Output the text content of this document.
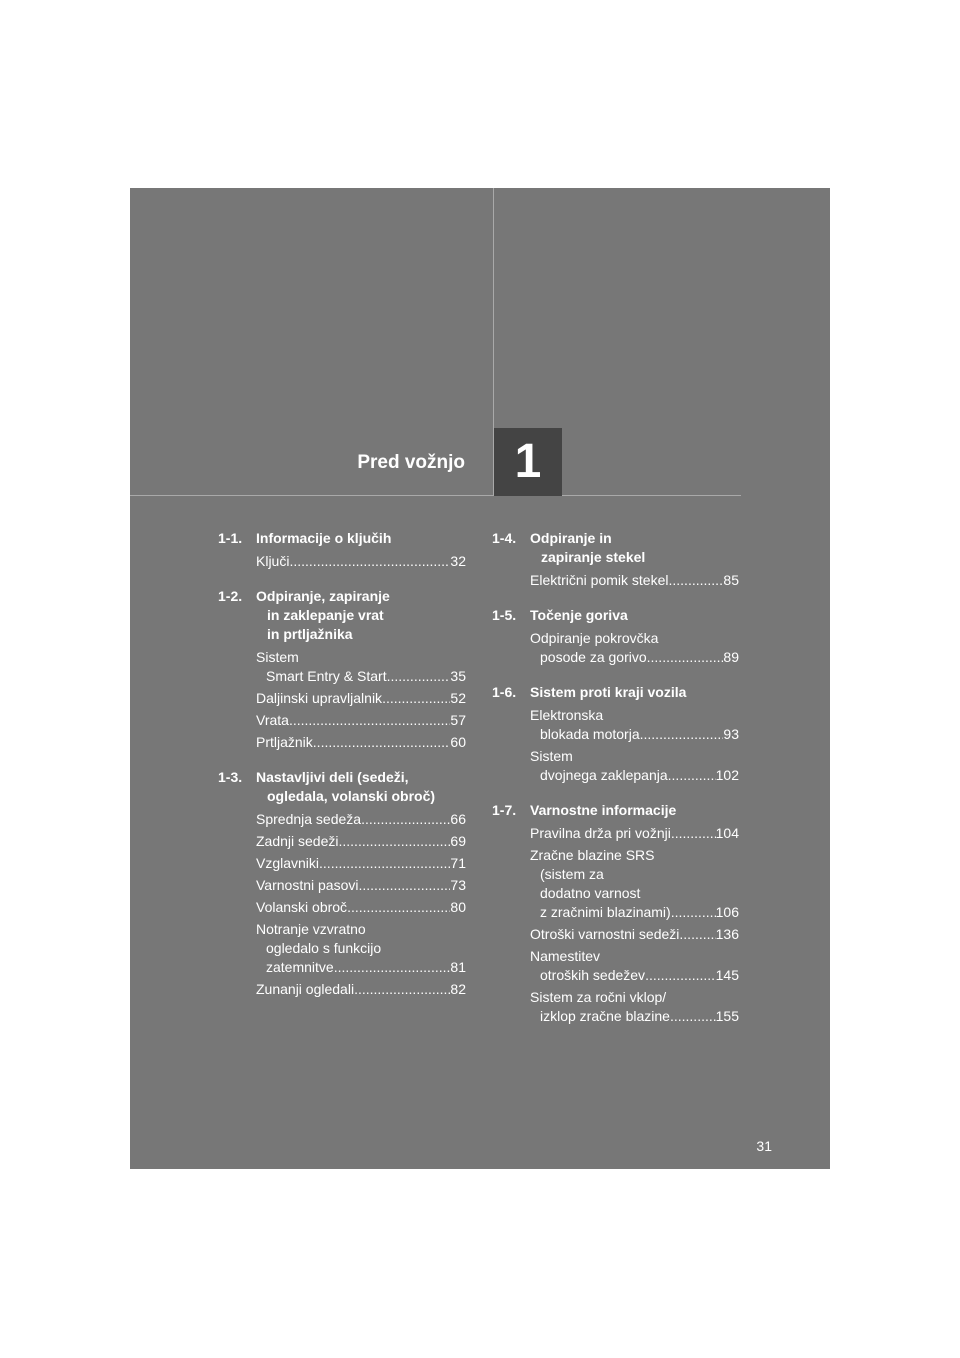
Pred vožnjo 1
1-1. Informacije o ključih
Ključi .....	32
1-2. Odpiranje, zapiranje

in zaklepanje vrat
in prtljažnika
Sistem

Smart Entry & Start .....	35
Daljinski upravljalnik .....	52
Vrata .....	57
Prtljažnik .....	60
1-3. Nastavljivi deli (sedeži,

ogledala, volanski obroč)
Sprednja sedeža .....	66
Zadnji sedeži .....	69
Vzglavniki .....	71
Varnostni pasovi .....	73
Volanski obroč .....	80
Notranje vzvratno

ogledalo s funkcijo
zatemnitve .....	81
Zunanji ogledali .....	82
1-4. Odpiranje in

zapiranje stekel
Električni pomik stekel .....	85
1-5. Točenje goriva
Odpiranje pokrovčka

posode za gorivo .....	89
1-6. Sistem proti kraji vozila
Elektronska

blokada motorja .....	93
Sistem

dvojnega zaklepanja .....	102
1-7. Varnostne informacije
Pravilna drža pri vožnji .....	104
Zračne blazine SRS

(sistem za
dodatno varnost
z zračnimi blazinami) .....	106
Otroški varnostni sedeži .....	136
Namestitev

otroških sedežev .....	145
Sistem za ročni vklop/

izklop zračne blazine .....	155
31
